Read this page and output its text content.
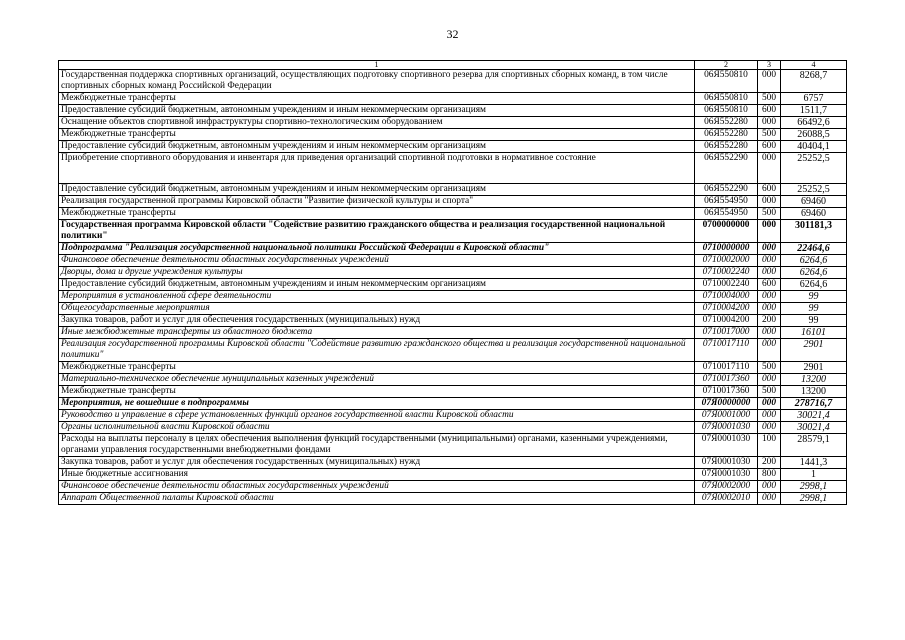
32
1	2	3	4
Государственная поддержка спортивных организаций, осуществляющих подготовку спортивного резерва для спортивных сборных команд, в том числе спортивных сборных команд Российской Федерации	06Я550810	000	8268,7
Межбюджетные трансферты	06Я550810	500	6757
Предоставление субсидий бюджетным, автономным учреждениям и иным некоммерческим организациям	06Я550810	600	1511,7
Оснащение объектов спортивной инфраструктуры спортивно-технологическим оборудованием	06Я552280	000	66492,6
Межбюджетные трансферты	06Я552280	500	26088,5
Предоставление субсидий бюджетным, автономным учреждениям и иным некоммерческим организациям	06Я552280	600	40404,1
Приобретение спортивного оборудования и инвентаря для приведения организаций спортивной подготовки в нормативное состояние	06Я552290	000	25252,5
Предоставление субсидий бюджетным, автономным учреждениям и иным некоммерческим организациям	06Я552290	600	25252,5
Реализация государственной программы Кировской области "Развитие физической культуры и спорта"	06Я554950	000	69460
Межбюджетные трансферты	06Я554950	500	69460
Государственная программа Кировской области "Содействие развитию гражданского общества и реализация государственной национальной политики"	0700000000	000	301181,3
Подпрограмма "Реализация государственной национальной политики Российской Федерации в Кировской области"	0710000000	000	22464,6
Финансовое обеспечение деятельности областных государственных учреждений	0710002000	000	6264,6
Дворцы, дома и другие учреждения культуры	0710002240	000	6264,6
Предоставление субсидий бюджетным, автономным учреждениям и иным некоммерческим организациям	0710002240	600	6264,6
Мероприятия в установленной сфере деятельности	0710004000	000	99
Общегосударственные мероприятия	0710004200	000	99
Закупка товаров, работ и услуг для обеспечения государственных (муниципальных) нужд	0710004200	200	99
Иные межбюджетные трансферты из областного бюджета	0710017000	000	16101
Реализация государственной программы Кировской области "Содействие развитию гражданского общества и реализация государственной национальной политики"	0710017110	000	2901
Межбюджетные трансферты	0710017110	500	2901
Материально-техническое обеспечение муниципальных казенных учреждений	0710017360	000	13200
Межбюджетные трансферты	0710017360	500	13200
Мероприятия, не вошедшие в подпрограммы	07Я0000000	000	278716,7
Руководство и управление в сфере установленных функций органов государственной власти Кировской области	07Я0001000	000	30021,4
Органы исполнительной власти Кировской области	07Я0001030	000	30021,4
Расходы на выплаты персоналу в целях обеспечения выполнения функций государственными (муниципальными) органами, казенными учреждениями, органами управления государственными внебюджетными фондами	07Я0001030	100	28579,1
Закупка товаров, работ и услуг для обеспечения государственных (муниципальных) нужд	07Я0001030	200	1441,3
Иные бюджетные ассигнования	07Я0001030	800	1
Финансовое обеспечение деятельности областных государственных учреждений	07Я0002000	000	2998,1
Аппарат Общественной палаты Кировской области	07Я0002010	000	2998,1
